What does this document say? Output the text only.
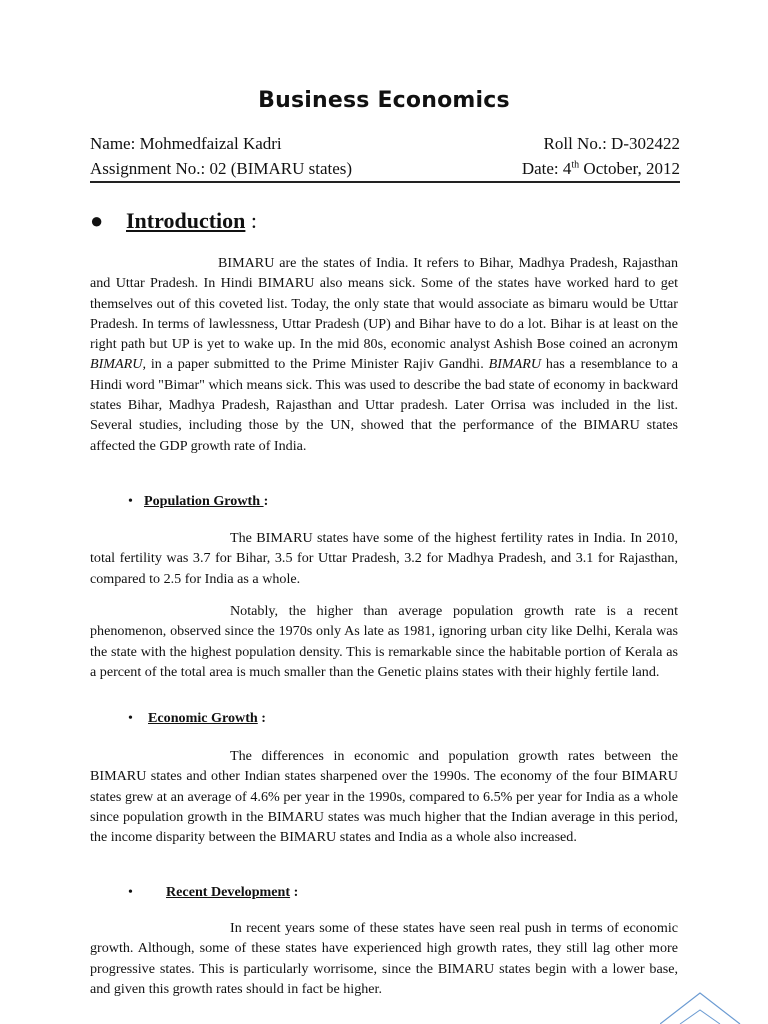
Business Economics
Name: Mohmedfaizal Kadri	Roll No.: D-302422
Assignment No.: 02 (BIMARU states)	Date: 4th October, 2012
● Introduction :

BIMARU are the states of India. It refers to Bihar, Madhya Pradesh, Rajasthan and Uttar Pradesh. In Hindi BIMARU also means sick. Some of the states have worked hard to get themselves out of this coveted list. Today, the only state that would associate as bimaru would be Uttar Pradesh. In terms of lawlessness, Uttar Pradesh (UP) and Bihar have to do a lot. Bihar is at least on the right path but UP is yet to wake up. In the mid 80s, economic analyst Ashish Bose coined an acronym BIMARU, in a paper submitted to the Prime Minister Rajiv Gandhi. BIMARU has a resemblance to a Hindi word "Bimar" which means sick. This was used to describe the bad state of economy in backward states Bihar, Madhya Pradesh, Rajasthan and Uttar pradesh. Later Orrisa was included in the list. Several studies, including those by the UN, showed that the performance of the BIMARU states affected the GDP growth rate of India.

• Population Growth :

The BIMARU states have some of the highest fertility rates in India. In 2010, total fertility was 3.7 for Bihar, 3.5 for Uttar Pradesh, 3.2 for Madhya Pradesh, and 3.1 for Rajasthan, compared to 2.5 for India as a whole.

Notably, the higher than average population growth rate is a recent phenomenon, observed since the 1970s only As late as 1981, ignoring urban city like Delhi, Kerala was the state with the highest population density. This is remarkable since the habitable portion of Kerala as a percent of the total area is much smaller than the Genetic plains states with their highly fertile land.

• Economic Growth :

The differences in economic and population growth rates between the BIMARU states and other Indian states sharpened over the 1990s. The economy of the four BIMARU states grew at an average of 4.6% per year in the 1990s, compared to 6.5% per year for India as a whole since population growth in the BIMARU states was much higher that the Indian average in this period, the income disparity between the BIMARU states and India as a whole also increased.

• Recent Development :

In recent years some of these states have seen real push in terms of economic growth. Although, some of these states have experienced high growth rates, they still lag other more progressive states. This is particularly worrisome, since the BIMARU states begin with a lower base, and given this growth rates should in fact be higher.
